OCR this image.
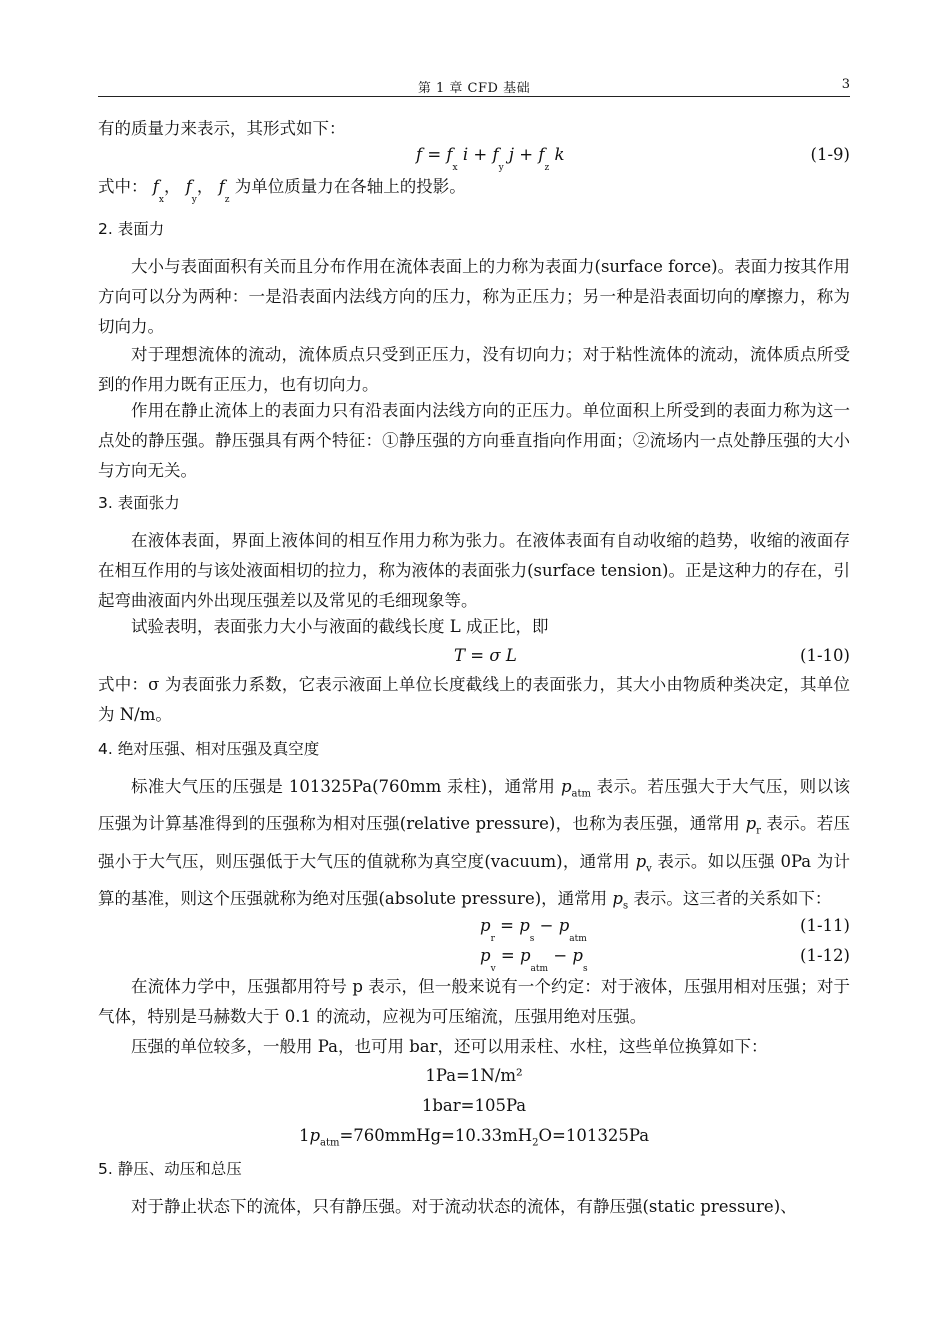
第 1 章 CFD 基础	3
有的质量力来表示，其形式如下：
$f = f_x$ $i + f_y$ $j + f_z$ k	(1-9)
式中： $f_x$， $f_y$， $f_z$ 为单位质量力在各轴上的投影。
2. 表面力
大小与表面面积有关而且分布作用在流体表面上的力称为表面力(surface force)。表面力按其作用方向可以分为两种：一是沿表面内法线方向的压力，称为正压力；另一种是沿表面切向的摩擦力，称为切向力。
对于理想流体的流动，流体质点只受到正压力，没有切向力；对于粘性流体的流动，流体质点所受到的作用力既有正压力，也有切向力。
作用在静止流体上的表面力只有沿表面内法线方向的正压力。单位面积上所受到的表面力称为这一点处的静压强。静压强具有两个特征：①静压强的方向垂直指向作用面；②流场内一点处静压强的大小与方向无关。
3. 表面张力
在液体表面，界面上液体间的相互作用力称为张力。在液体表面有自动收缩的趋势，收缩的液面存在相互作用的与该处液面相切的拉力，称为液体的表面张力(surface tension)。正是这种力的存在，引起弯曲液面内外出现压强差以及常见的毛细现象等。
试验表明，表面张力大小与液面的截线长度 L 成正比，即
T = σ L	(1-10)
式中：σ 为表面张力系数，它表示液面上单位长度截线上的表面张力，其大小由物质种类决定，其单位为 N/m。
4. 绝对压强、相对压强及真空度
标准大气压的压强是 101325Pa(760mm 汞柱)，通常用 $p_{atm}$ 表示。若压强大于大气压，则以该压强为计算基准得到的压强称为相对压强(relative pressure)，也称为表压强，通常用 $p_r$ 表示。若压强小于大气压，则压强低于大气压的值就称为真空度(vacuum)，通常用 $p_v$ 表示。如以压强 0Pa 为计算的基准，则这个压强就称为绝对压强(absolute pressure)，通常用 $p_s$ 表示。这三者的关系如下：
$p_r = p_s - p_{atm}$
(1-11)
$p_v = p_{atm} - p_s$
(1-12)
在流体力学中，压强都用符号 p 表示，但一般来说有一个约定：对于液体，压强用相对压强；对于气体，特别是马赫数大于 0.1 的流动，应视为可压缩流，压强用绝对压强。
压强的单位较多，一般用 Pa，也可用 bar，还可以用汞柱、水柱，这些单位换算如下：
1Pa=1N/m²
1bar=105Pa
$1p_{atm}=760mmHg=10.33mH_2O=101325Pa$
5. 静压、动压和总压
对于静止状态下的流体，只有静压强。对于流动状态的流体，有静压强(static pressure)、
